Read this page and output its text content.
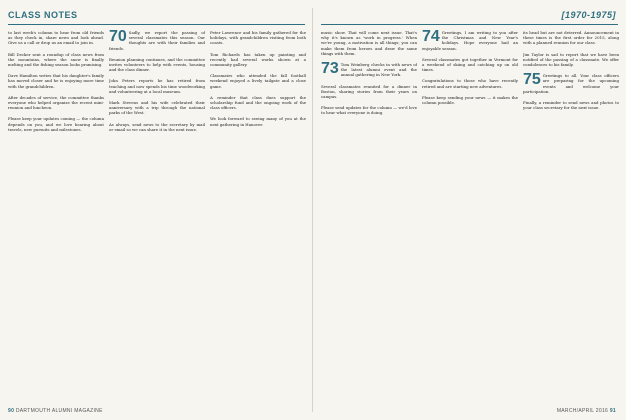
CLASS NOTES

to last week's column to hear from old friends as they check in, share news and look ahead. Give us a call or drop us an email to join in.

Bill Decker sent a roundup of class news from the mountains, where the snow is finally melting and the fishing season looks promising.

Dave Hamilton writes that his daughter's family has moved closer and he is enjoying more time with the grandchildren.

After decades of service, the committee thanks everyone who helped organize the recent mini-reunion and luncheon.

Please keep your updates coming — the column depends on you, and we love hearing about travels, new pursuits and milestones.

70 Sadly, we report the passing of several classmates this season. Our thoughts are with their families and friends.

Reunion planning continues, and the committee invites volunteers to help with events, housing and the class dinner.

John Peters reports he has retired from teaching and now spends his time woodworking and volunteering at a local museum.

Mark Stevens and his wife celebrated their anniversary with a trip through the national parks of the West.

As always, send news to the secretary by mail or email so we can share it in the next issue.

Peter Lawrence and his family gathered for the holidays, with grandchildren visiting from both coasts.

Tom Richards has taken up painting and recently had several works shown at a community gallery.

Classmates who attended the fall football weekend enjoyed a lively tailgate and a close game.

A reminder that class dues support the scholarship fund and the ongoing work of the class officers.

We look forward to seeing many of you at the next gathering in Hanover.

90 DARTMOUTH ALUMNI MAGAZINE
[1970-1975]

music show. That will come next issue. That's why it's known as 'work in progress.' When we're young, a motivation is all things; you can make them from heroes and draw the same things with them.

73 Tom Weinberg checks in with news of the latest alumni event and the annual gathering in New York.

Several classmates reunited for a dinner in Boston, sharing stories from their years on campus.

Please send updates for the column — we'd love to hear what everyone is doing.

74 Greetings, I am writing to you after the Christmas and New Year's holidays. Hope everyone had an enjoyable season.

Several classmates got together in Vermont for a weekend of skiing and catching up on old times.

Congratulations to those who have recently retired and are starting new adventures.

Please keep sending your news — it makes the column possible.

its head but are not deterred. Announcement in these times is the first order for 2015, along with a planned reunion for our class.

Jim Taylor is sad to report that we have been notified of the passing of a classmate. We offer condolences to his family.

75 Greetings to all. Your class officers are preparing for the upcoming events and welcome your participation.

Finally, a reminder to send news and photos to your class secretary for the next issue.

MARCH/APRIL 2016 91
